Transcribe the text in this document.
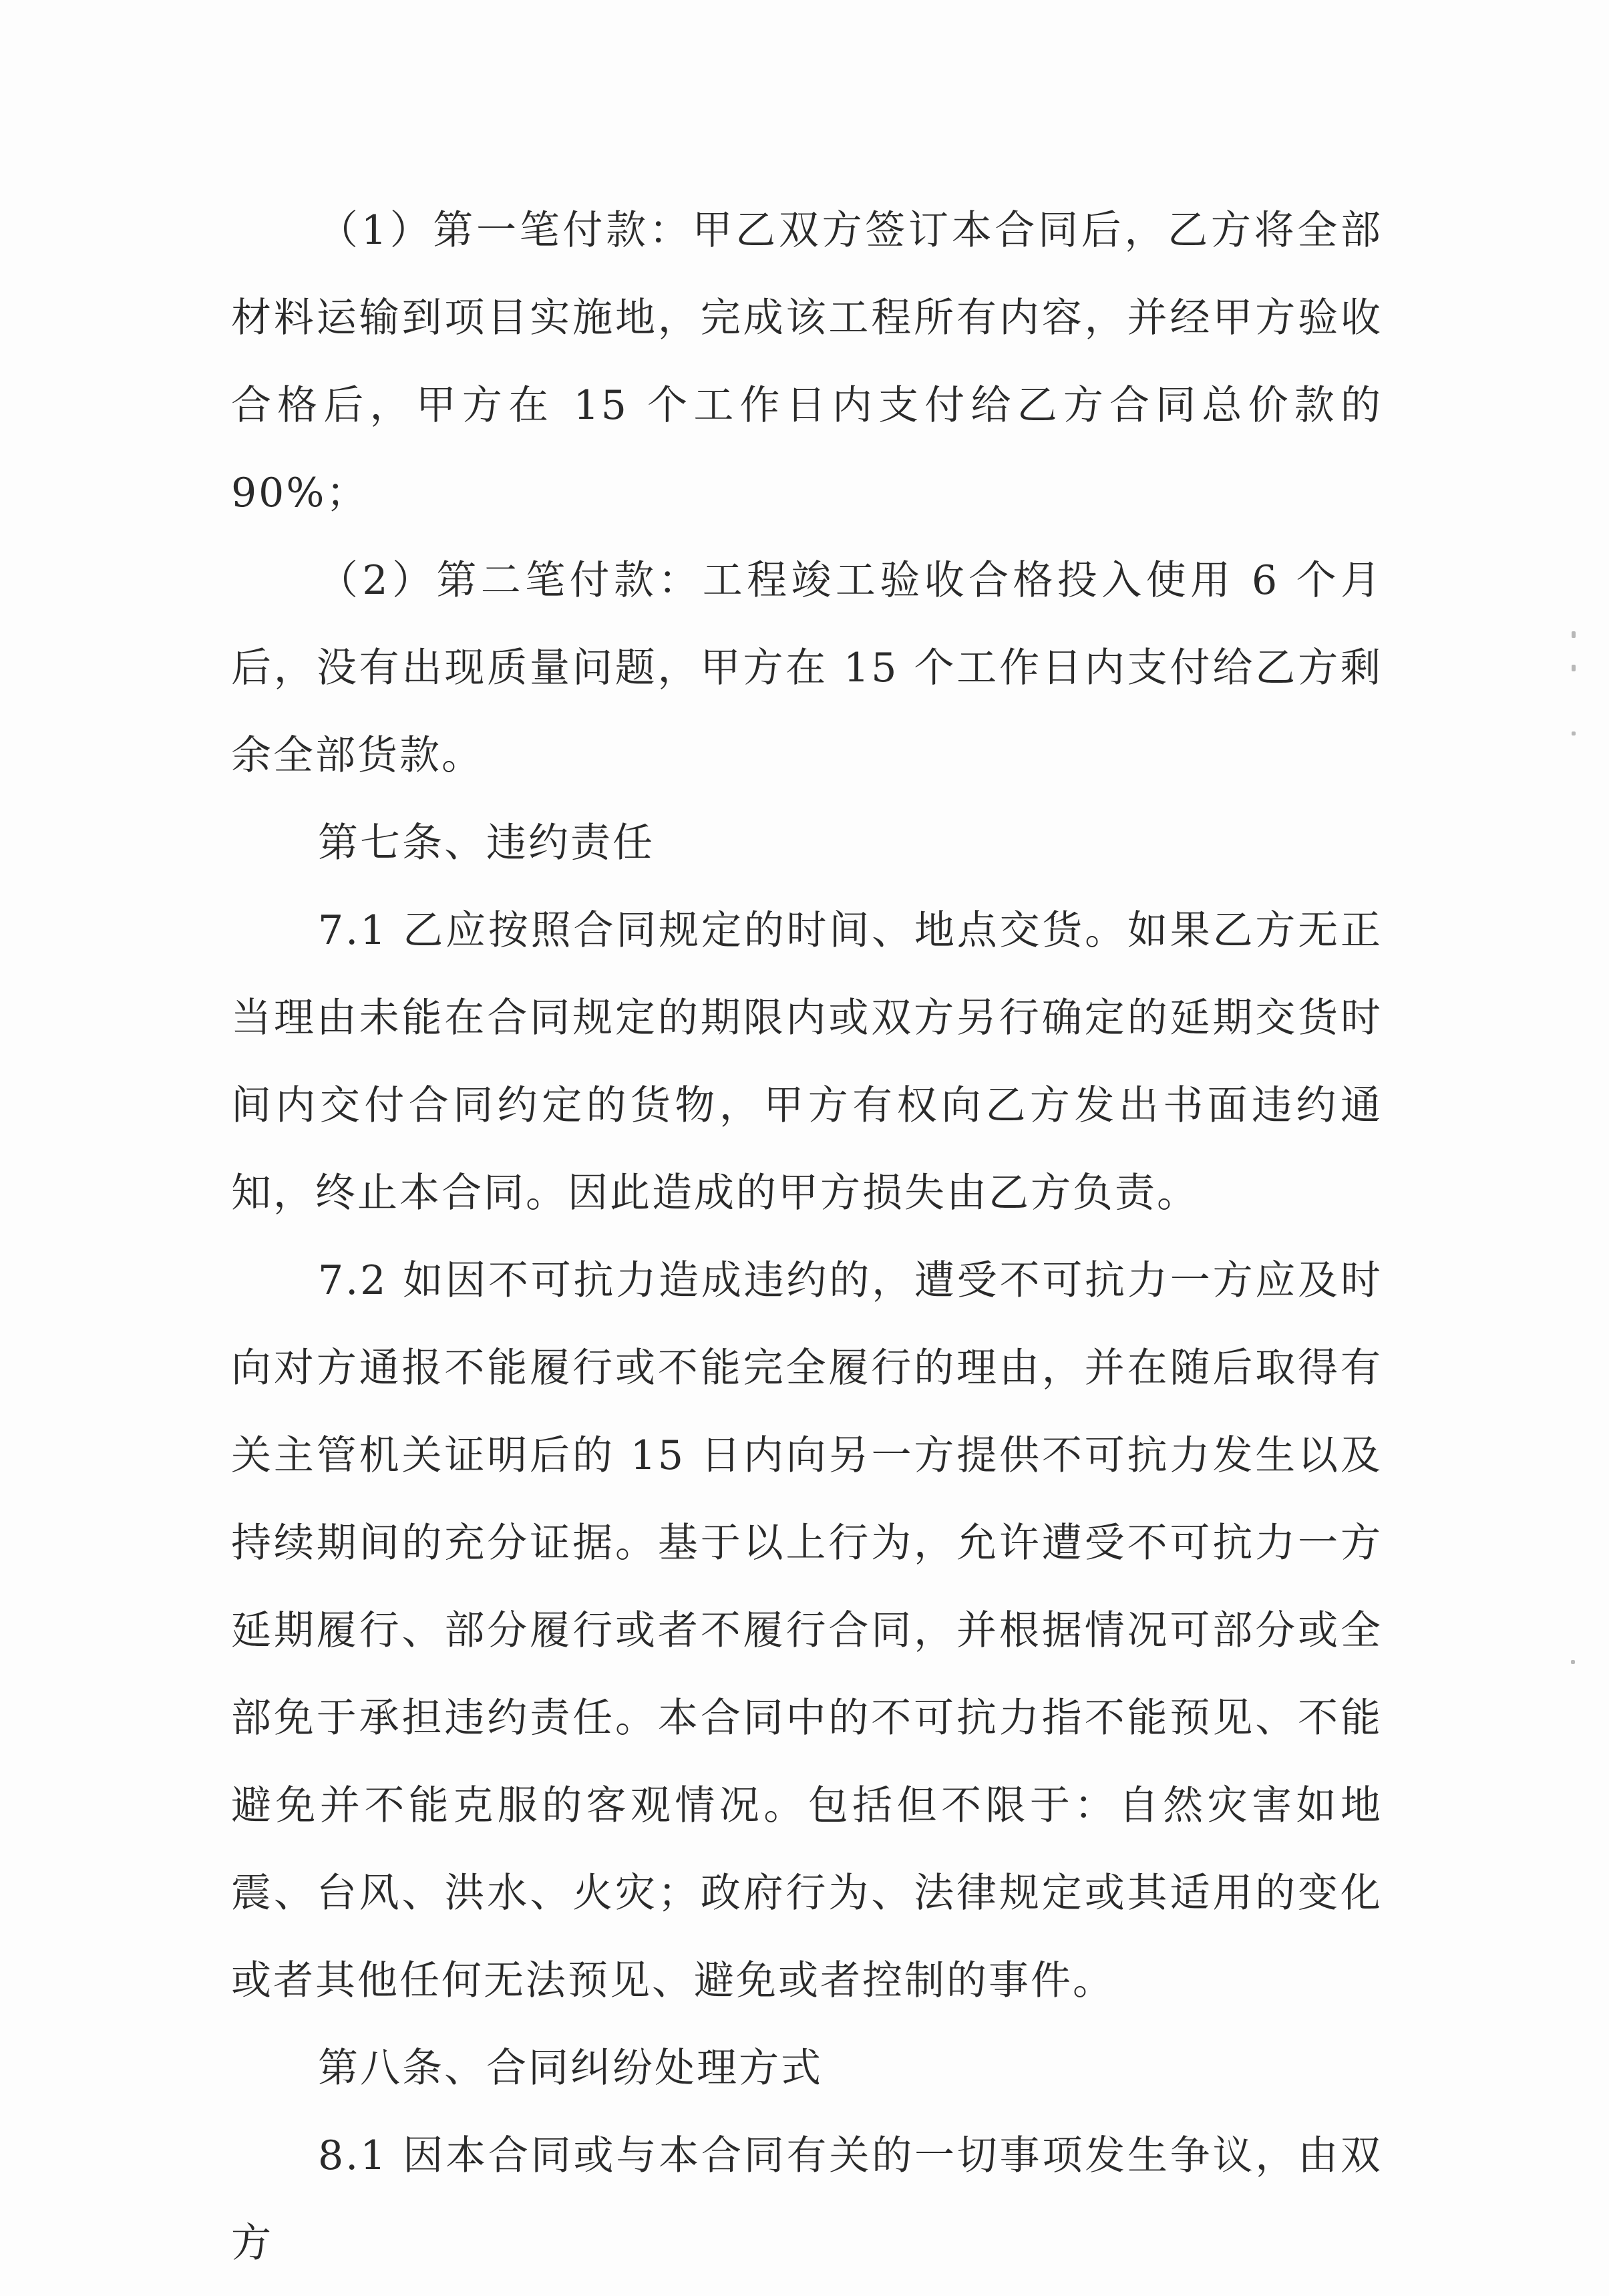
（1）第一笔付款：甲乙双方签订本合同后，乙方将全部材料运输到项目实施地，完成该工程所有内容，并经甲方验收合格后，甲方在 15 个工作日内支付给乙方合同总价款的 90%；

（2）第二笔付款：工程竣工验收合格投入使用 6 个月后，没有出现质量问题，甲方在 15 个工作日内支付给乙方剩余全部货款。

第七条、违约责任

7.1 乙应按照合同规定的时间、地点交货。如果乙方无正当理由未能在合同规定的期限内或双方另行确定的延期交货时间内交付合同约定的货物，甲方有权向乙方发出书面违约通知，终止本合同。因此造成的甲方损失由乙方负责。

7.2 如因不可抗力造成违约的，遭受不可抗力一方应及时向对方通报不能履行或不能完全履行的理由，并在随后取得有关主管机关证明后的 15 日内向另一方提供不可抗力发生以及持续期间的充分证据。基于以上行为，允许遭受不可抗力一方延期履行、部分履行或者不履行合同，并根据情况可部分或全部免于承担违约责任。本合同中的不可抗力指不能预见、不能避免并不能克服的客观情况。包括但不限于：自然灾害如地震、台风、洪水、火灾；政府行为、法律规定或其适用的变化或者其他任何无法预见、避免或者控制的事件。

第八条、合同纠纷处理方式

8.1 因本合同或与本合同有关的一切事项发生争议，由双方
